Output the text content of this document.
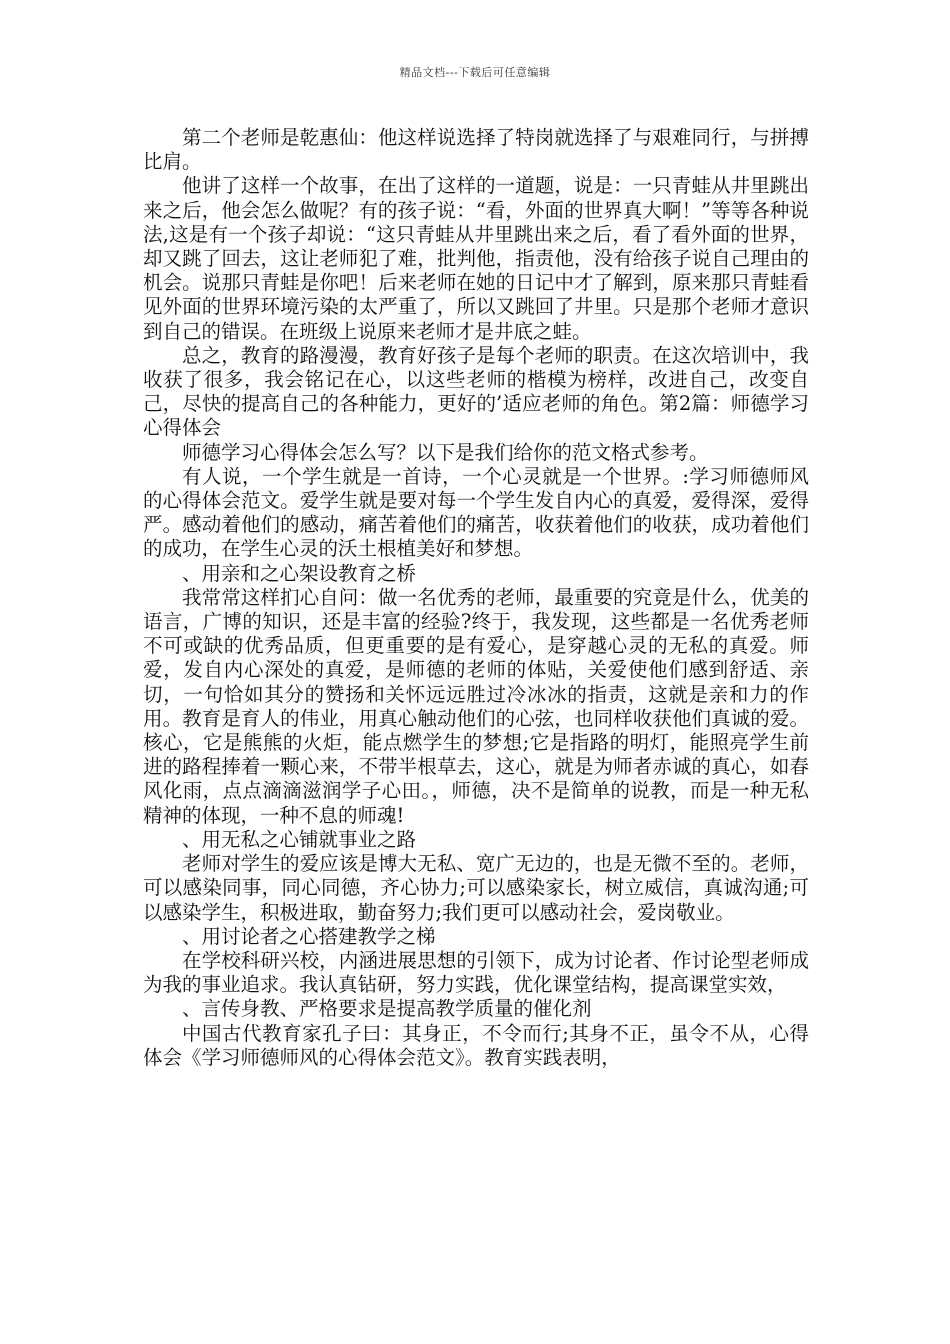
精品文档---下载后可任意编辑

第二个老师是乾惠仙：他这样说选择了特岗就选择了与艰难同行，与拼搏比肩。

他讲了这样一个故事，在出了这样的一道题，说是：一只青蛙从井里跳出来之后，他会怎么做呢？有的孩子说：“看，外面的世界真大啊！”等等各种说法,这是有一个孩子却说：“这只青蛙从井里跳出来之后，看了看外面的世界，却又跳了回去，这让老师犯了难，批判他，指责他，没有给孩子说自己理由的机会。说那只青蛙是你吧！后来老师在她的日记中才了解到，原来那只青蛙看见外面的世界环境污染的太严重了，所以又跳回了井里。只是那个老师才意识到自己的错误。在班级上说原来老师才是井底之蛙。

总之，教育的路漫漫，教育好孩子是每个老师的职责。在这次培训中，我收获了很多，我会铭记在心，以这些老师的楷模为榜样，改进自己，改变自己，尽快的提高自己的各种能力，更好的’适应老师的角色。第2篇：师德学习心得体会

师德学习心得体会怎么写？以下是我们给你的范文格式参考。

有人说，一个学生就是一首诗，一个心灵就是一个世界。:学习师德师风的心得体会范文。爱学生就是要对每一个学生发自内心的真爱，爱得深，爱得严。感动着他们的感动，痛苦着他们的痛苦，收获着他们的收获，成功着他们的成功，在学生心灵的沃土根植美好和梦想。

、用亲和之心架设教育之桥

我常常这样扪心自问：做一名优秀的老师，最重要的究竟是什么，优美的语言，广博的知识，还是丰富的经验?终于，我发现，这些都是一名优秀老师不可或缺的优秀品质，但更重要的是有爱心，是穿越心灵的无私的真爱。师爱，发自内心深处的真爱，是师德的老师的体贴，关爱使他们感到舒适、亲切，一句恰如其分的赞扬和关怀远远胜过冷冰冰的指责，这就是亲和力的作用。教育是育人的伟业，用真心触动他们的心弦，也同样收获他们真诚的爱。核心，它是熊熊的火炬，能点燃学生的梦想;它是指路的明灯，能照亮学生前进的路程捧着一颗心来，不带半根草去，这心，就是为师者赤诚的真心，如春风化雨，点点滴滴滋润学子心田。，师德，决不是简单的说教，而是一种无私精神的体现，一种不息的师魂!

、用无私之心铺就事业之路

老师对学生的爱应该是博大无私、宽广无边的，也是无微不至的。老师，可以感染同事，同心同德，齐心协力;可以感染家长，树立威信，真诚沟通;可以感染学生，积极进取，勤奋努力;我们更可以感动社会，爱岗敬业。

、用讨论者之心搭建教学之梯

在学校科研兴校，内涵进展思想的引领下，成为讨论者、作讨论型老师成为我的事业追求。我认真钻研，努力实践，优化课堂结构，提高课堂实效，

、言传身教、严格要求是提高教学质量的催化剂

中国古代教育家孔子曰：其身正，不令而行;其身不正，虽令不从，心得体会《学习师德师风的心得体会范文》。教育实践表明，
